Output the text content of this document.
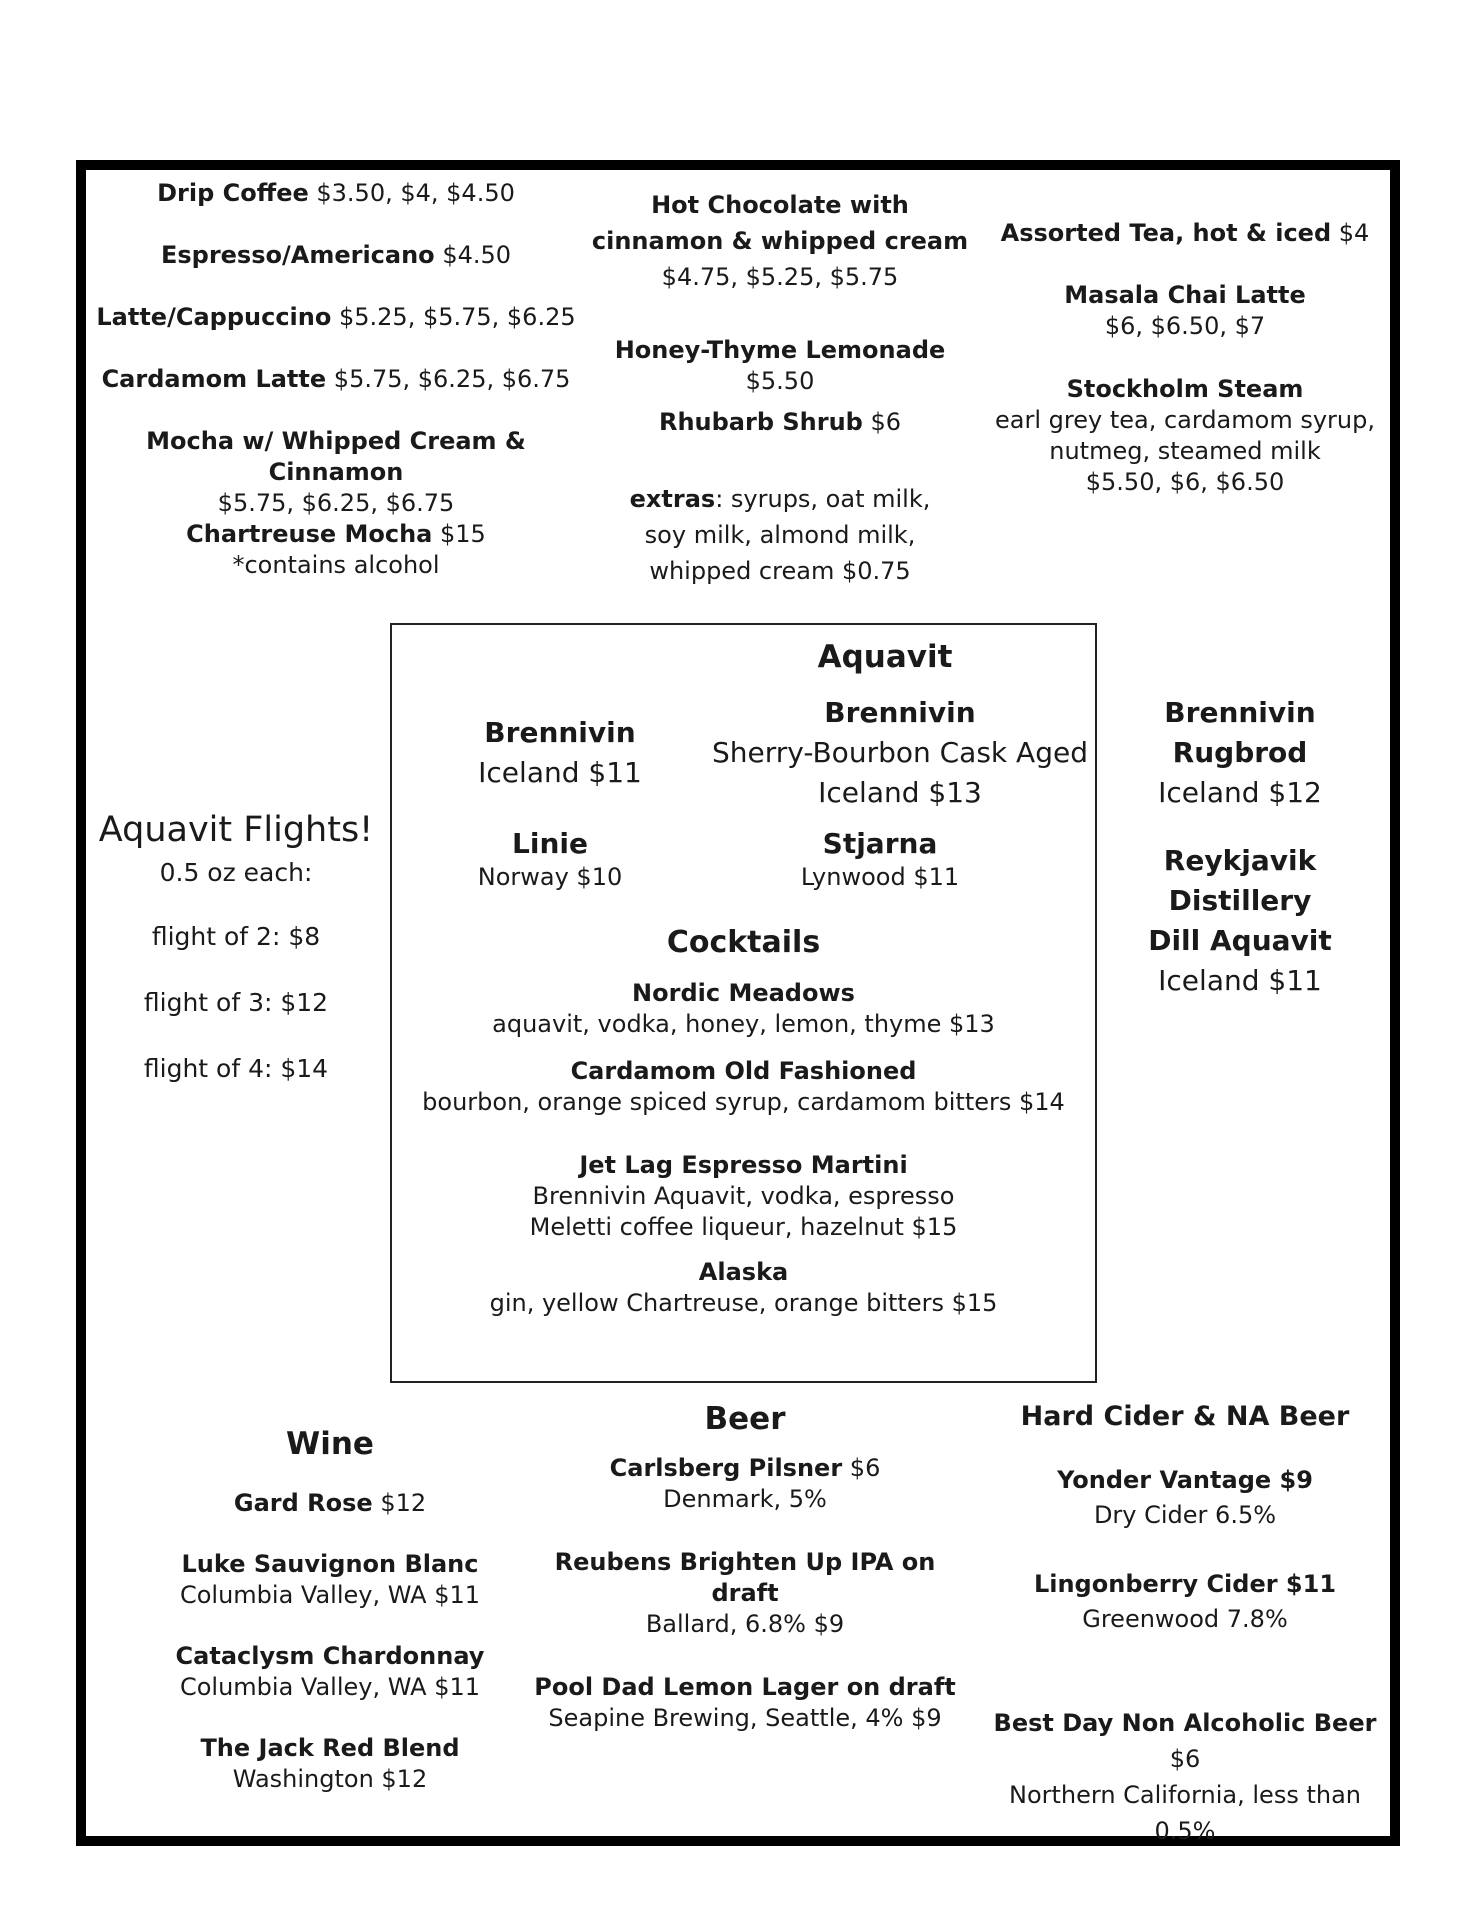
Drip Coffee $3.50, $4, $4.50
Espresso/Americano $4.50
Latte/Cappuccino $5.25, $5.75, $6.25
Cardamom Latte $5.75, $6.25, $6.75
Mocha w/ Whipped Cream & Cinnamon
$5.75, $6.25, $6.75
Chartreuse Mocha $15
*contains alcohol
Hot Chocolate with
cinnamon & whipped cream
$4.75, $5.25, $5.75
Honey-Thyme Lemonade $5.50
Rhubarb Shrub $6
extras: syrups, oat milk,
soy milk, almond milk,
whipped cream $0.75
Assorted Tea, hot & iced $4
Masala Chai Latte
$6, $6.50, $7
Stockholm Steam
earl grey tea, cardamom syrup,
nutmeg, steamed milk
$5.50, $6, $6.50
Aquavit Flights!
0.5 oz each:
flight of 2: $8
flight of 3: $12
flight of 4: $14
Aquavit
Brennivin
Iceland $11
Brennivin
Sherry-Bourbon Cask Aged
Iceland $13
Linie
Norway $10
Stjarna
Lynwood $11
Brennivin
Rugbrod
Iceland $12
Reykjavik Distillery
Dill Aquavit
Iceland $11
Cocktails
Nordic Meadows
aquavit, vodka, honey, lemon, thyme $13
Cardamom Old Fashioned
bourbon, orange spiced syrup, cardamom bitters $14
Jet Lag Espresso Martini
Brennivin Aquavit, vodka, espresso
Meletti coffee liqueur, hazelnut $15
Alaska
gin, yellow Chartreuse, orange bitters $15
Wine
Gard Rose $12
Luke Sauvignon Blanc
Columbia Valley, WA $11
Cataclysm Chardonnay
Columbia Valley, WA $11
The Jack Red Blend
Washington $12
Beer
Carlsberg Pilsner $6
Denmark, 5%
Reubens Brighten Up IPA on draft
Ballard, 6.8% $9
Pool Dad Lemon Lager on draft
Seapine Brewing, Seattle, 4% $9
Hard Cider & NA Beer
Yonder Vantage $9
Dry Cider 6.5%
Lingonberry Cider $11
Greenwood 7.8%
Best Day Non Alcoholic Beer $6
Northern California, less than 0.5%
